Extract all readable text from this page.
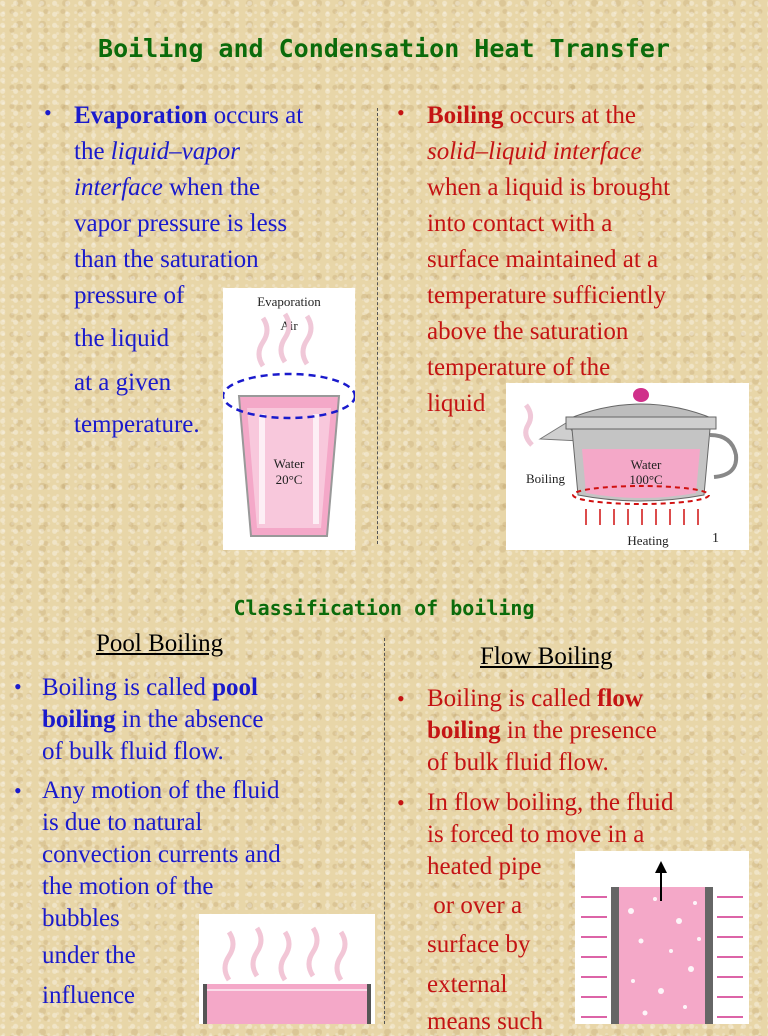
Boiling and Condensation Heat Transfer
• Evaporation occurs at
the liquid–vapor
interface when the
vapor pressure is less
than the saturation
pressure of
the liquid
at a given
temperature.
Evaporation
Air
Water
20°C
• Boiling occurs at the
solid–liquid interface
when a liquid is brought
into contact with a
surface maintained at a
temperature sufficiently
above the saturation
temperature of the
liquid
Boiling
Water
100°C
Heating	1
Classification of boiling
Pool Boiling
• Boiling is called pool
boiling in the absence
of bulk fluid flow.
• Any motion of the fluid
is due to natural
convection currents and
the motion of the
bubbles
under the
influence
Flow Boiling
• Boiling is called flow
boiling in the presence
of bulk fluid flow.
• In flow boiling, the fluid
is forced to move in a
heated pipe
or over a
surface by
external
means such
